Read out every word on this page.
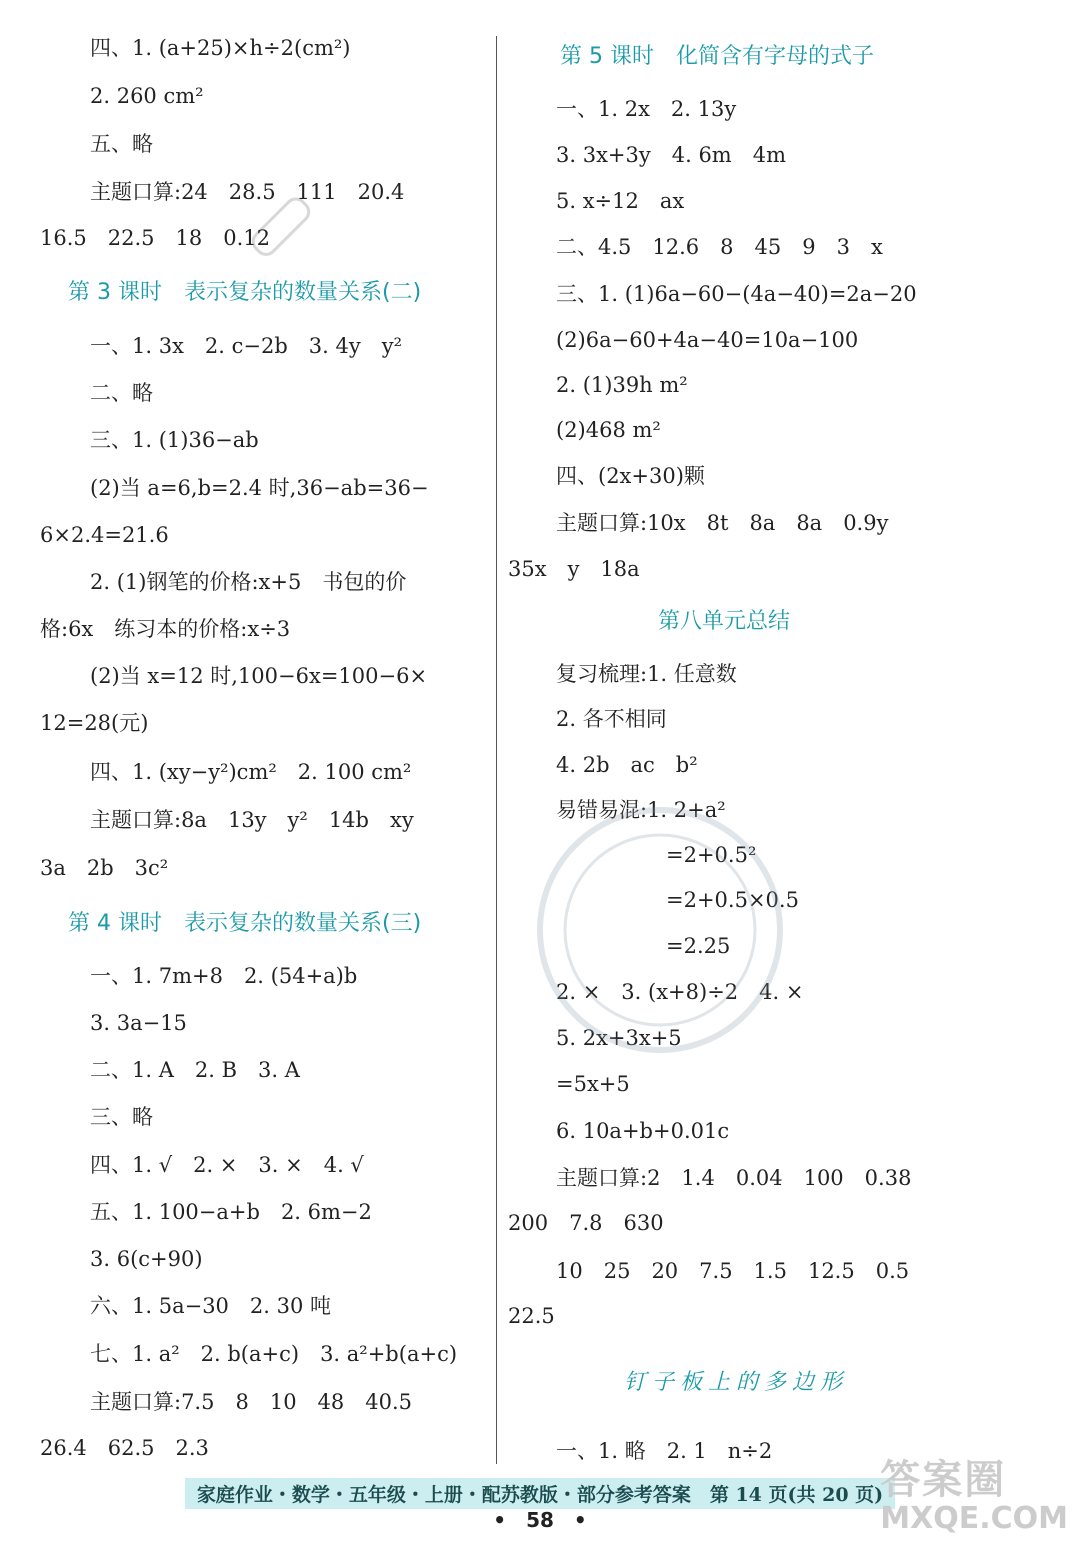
四、1. (a+25)×h÷2(cm²)
2. 260 cm²
五、略
主题口算:24　28.5　111　20.4
16.5　22.5　18　0.12
第 3 课时　表示复杂的数量关系(二)
一、1. 3x　2. c−2b　3. 4y　y²
二、略
三、1. (1)36−ab
(2)当 a=6,b=2.4 时,36−ab=36−
6×2.4=21.6
2. (1)钢笔的价格:x+5　书包的价
格:6x　练习本的价格:x÷3
(2)当 x=12 时,100−6x=100−6×
12=28(元)
四、1. (xy−y²)cm²　2. 100 cm²
主题口算:8a　13y　y²　14b　xy
3a　2b　3c²
第 4 课时　表示复杂的数量关系(三)
一、1. 7m+8　2. (54+a)b
3. 3a−15
二、1. A　2. B　3. A
三、略
四、1. √　2. ×　3. ×　4. √
五、1. 100−a+b　2. 6m−2
3. 6(c+90)
六、1. 5a−30　2. 30 吨
七、1. a²　2. b(a+c)　3. a²+b(a+c)
主题口算:7.5　8　10　48　40.5
26.4　62.5　2.3
第 5 课时　化简含有字母的式子
一、1. 2x　2. 13y
3. 3x+3y　4. 6m　4m
5. x÷12　ax
二、4.5　12.6　8　45　9　3　x
三、1. (1)6a−60−(4a−40)=2a−20
(2)6a−60+4a−40=10a−100
2. (1)39h m²
(2)468 m²
四、(2x+30)颗
主题口算:10x　8t　8a　8a　0.9y
35x　y　18a
第八单元总结
复习梳理:1. 任意数
2. 各不相同
4. 2b　ac　b²
易错易混:1. 2+a²
=2+0.5²
=2+0.5×0.5
=2.25
2. ×　3. (x+8)÷2　4. ×
5. 2x+3x+5
=5x+5
6. 10a+b+0.01c
主题口算:2　1.4　0.04　100　0.38
200　7.8　630
10　25　20　7.5　1.5　12.5　0.5
22.5
钉子板上的多边形
一、1. 略　2. 1　n÷2
家庭作业・数学・五年级・上册・配苏教版・部分参考答案　第 14 页(共 20 页)
•　58　•
答案圈
MXQE.COM
